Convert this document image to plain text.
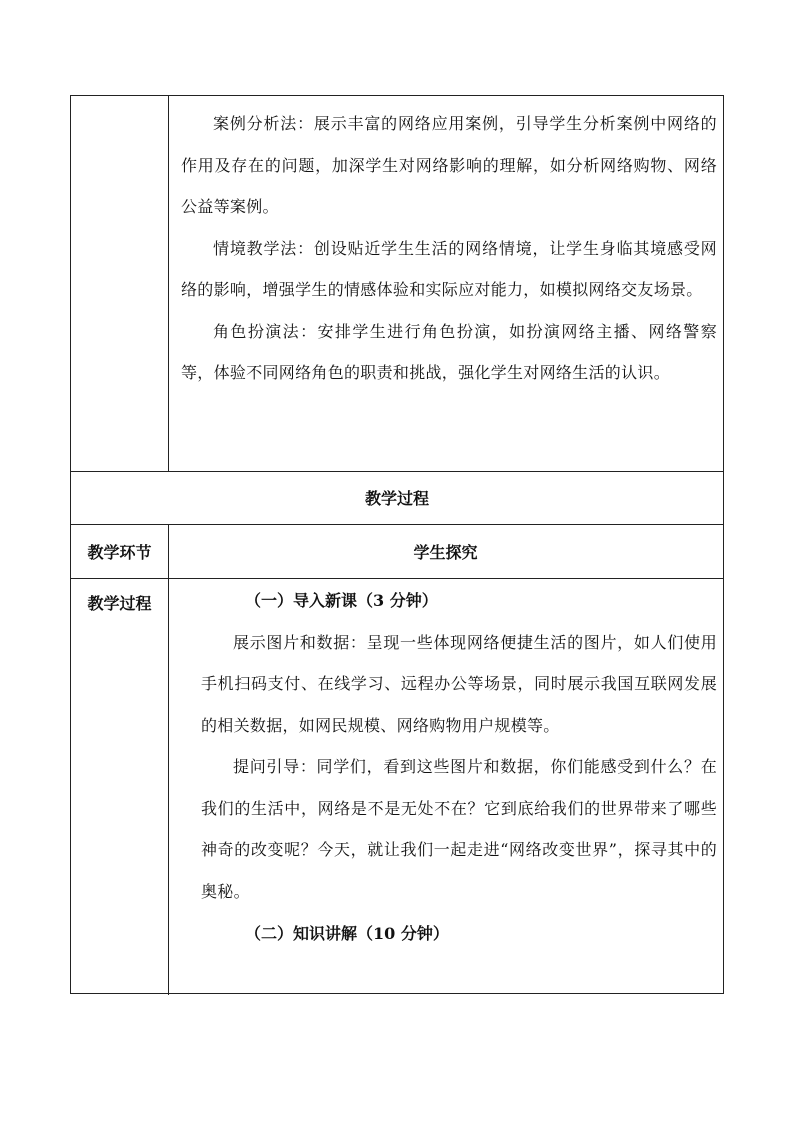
案例分析法：展示丰富的网络应用案例，引导学生分析案例中网络的作用及存在的问题，加深学生对网络影响的理解，如分析网络购物、网络公益等案例。

情境教学法：创设贴近学生生活的网络情境，让学生身临其境感受网络的影响，增强学生的情感体验和实际应对能力，如模拟网络交友场景。

角色扮演法：安排学生进行角色扮演，如扮演网络主播、网络警察等，体验不同网络角色的职责和挑战，强化学生对网络生活的认识。

教学过程
教学环节	学生探究
教学过程	（一）导入新课（3 分钟）

展示图片和数据：呈现一些体现网络便捷生活的图片，如人们使用手机扫码支付、在线学习、远程办公等场景，同时展示我国互联网发展的相关数据，如网民规模、网络购物用户规模等。

提问引导：同学们，看到这些图片和数据，你们能感受到什么？在我们的生活中，网络是不是无处不在？它到底给我们的世界带来了哪些神奇的改变呢？今天，就让我们一起走进“网络改变世界”，探寻其中的奥秘。

（二）知识讲解（10 分钟）
